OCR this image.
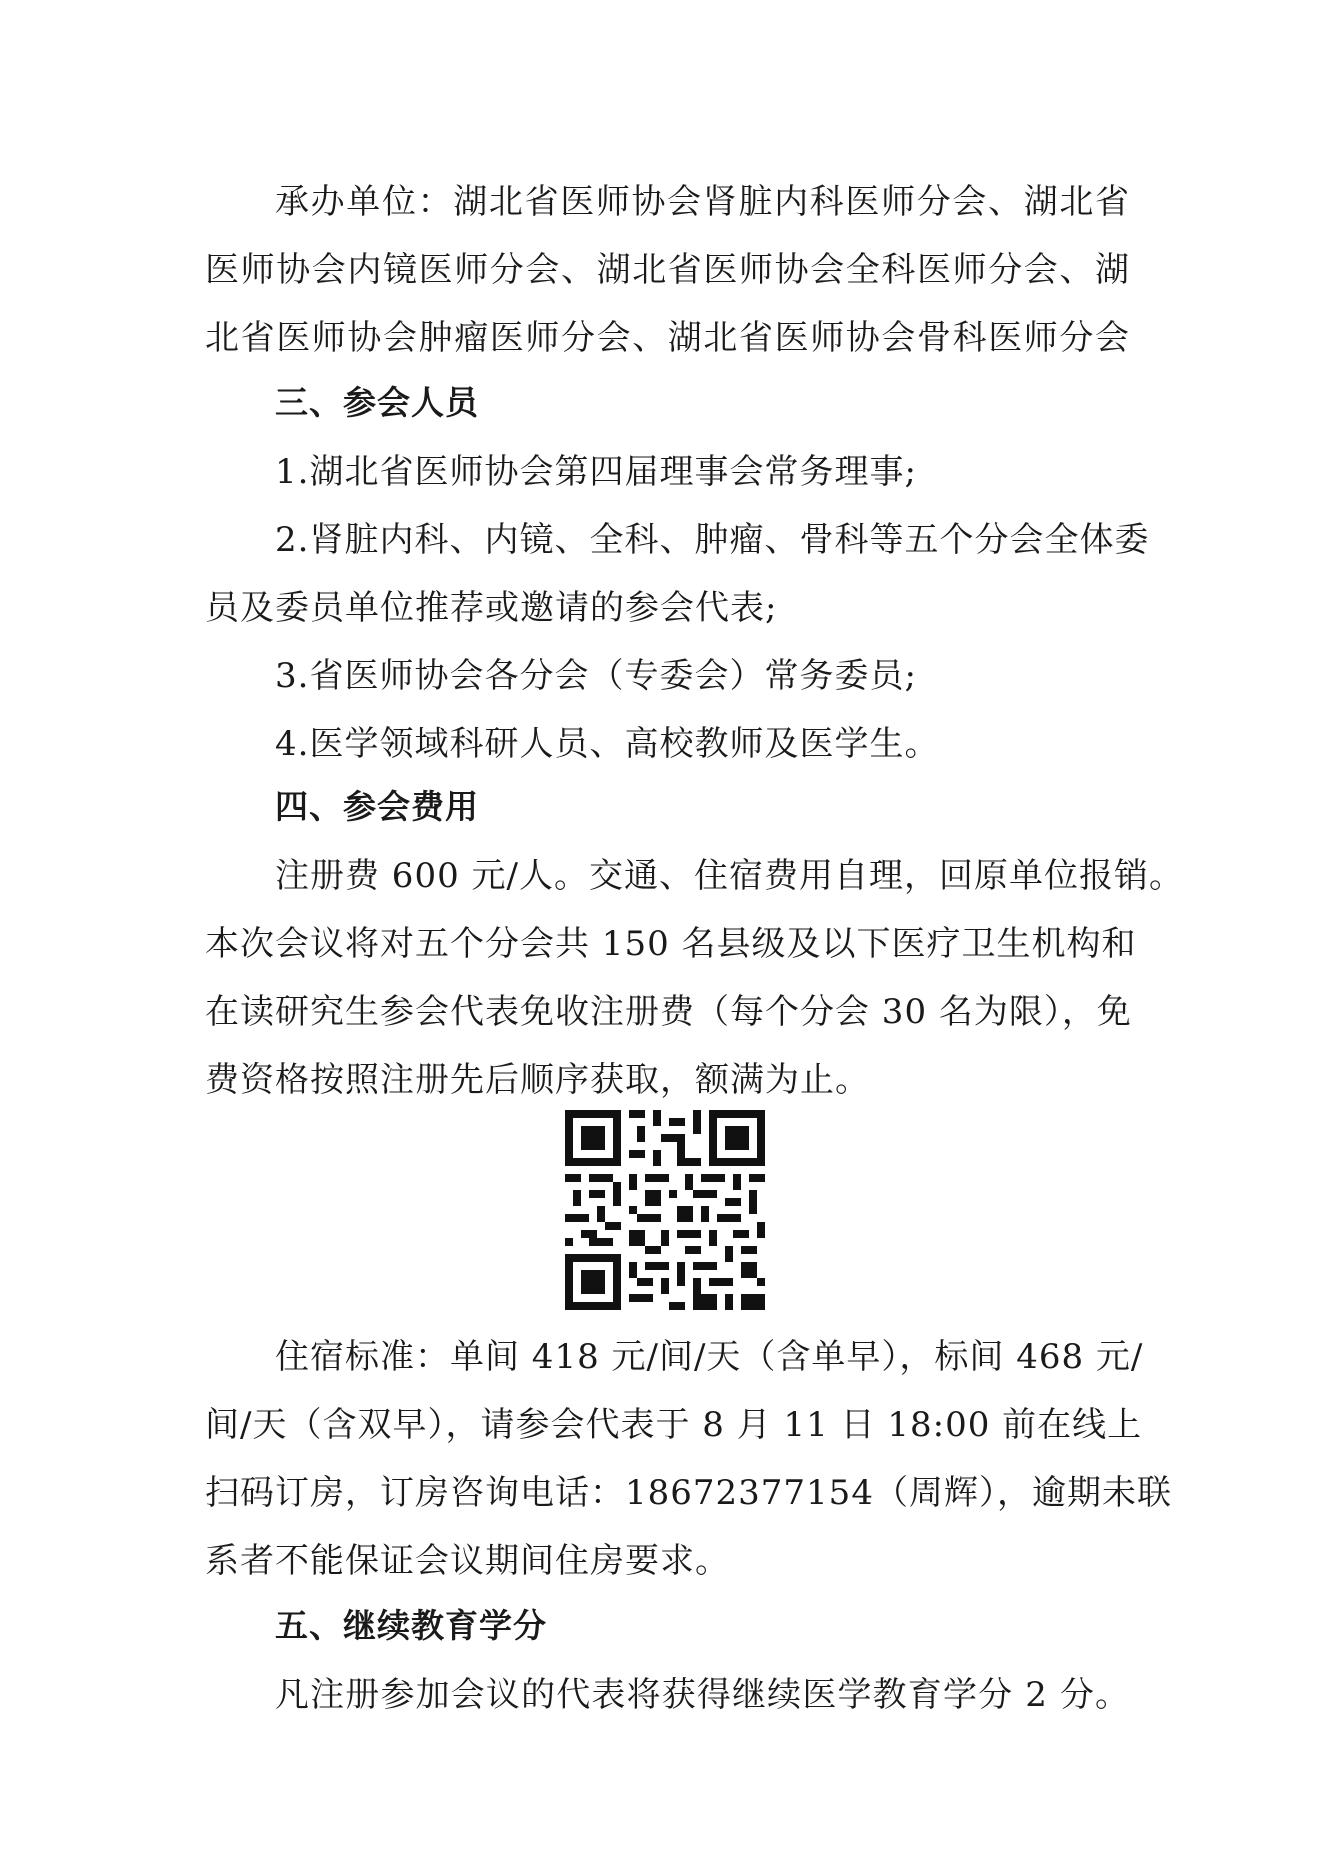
承办单位：湖北省医师协会肾脏内科医师分会、湖北省
医师协会内镜医师分会、湖北省医师协会全科医师分会、湖
北省医师协会肿瘤医师分会、湖北省医师协会骨科医师分会
三、参会人员
1.湖北省医师协会第四届理事会常务理事;
2.肾脏内科、内镜、全科、肿瘤、骨科等五个分会全体委
员及委员单位推荐或邀请的参会代表;
3.省医师协会各分会（专委会）常务委员;
4.医学领域科研人员、高校教师及医学生。
四、参会费用
注册费 600 元/人。交通、住宿费用自理，回原单位报销。
本次会议将对五个分会共 150 名县级及以下医疗卫生机构和
在读研究生参会代表免收注册费（每个分会 30 名为限），免
费资格按照注册先后顺序获取，额满为止。
住宿标准：单间 418 元/间/天（含单早），标间 468 元/
间/天（含双早），请参会代表于 8 月 11 日 18:00 前在线上
扫码订房，订房咨询电话：18672377154（周辉），逾期未联
系者不能保证会议期间住房要求。
五、继续教育学分
凡注册参加会议的代表将获得继续医学教育学分 2 分。
